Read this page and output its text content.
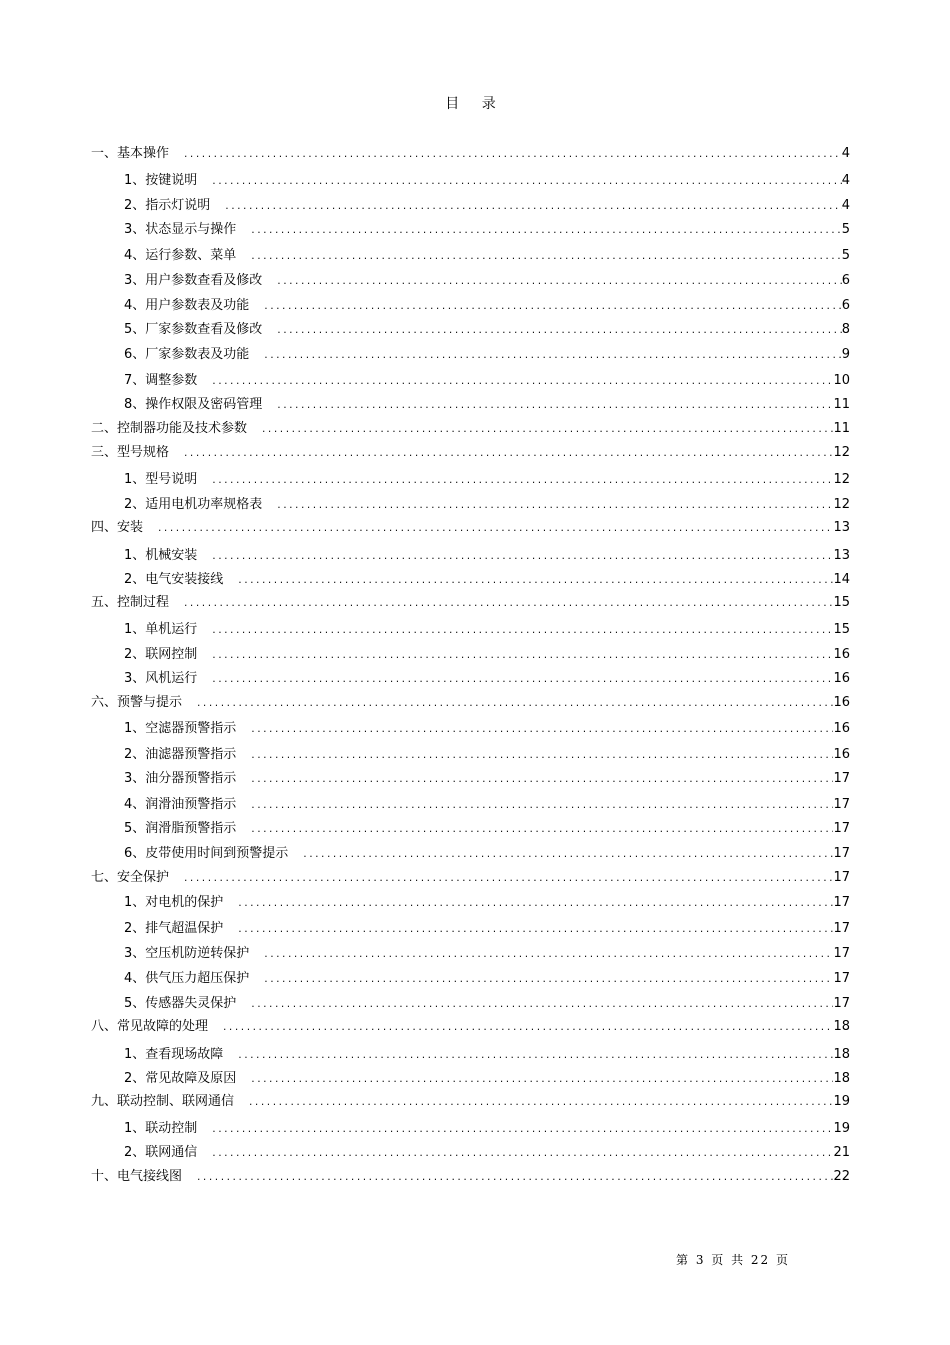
目 录
一、基本操作 .....	4
1、按键说明 .....	4
2、指示灯说明 .....	4
3、状态显示与操作 .....	5
4、运行参数、菜单 .....	5
3、用户参数查看及修改 .....	6
4、用户参数表及功能 .....	6
5、厂家参数查看及修改 .....	8
6、厂家参数表及功能 .....	9
7、调整参数 .....	10
8、操作权限及密码管理 .....	11
二、控制器功能及技术参数 .....	11
三、型号规格 .....	12
1、型号说明 .....	12
2、适用电机功率规格表 .....	12
四、安装 .....	13
1、机械安装 .....	13
2、电气安装接线 .....	14
五、控制过程 .....	15
1、单机运行 .....	15
2、联网控制 .....	16
3、风机运行 .....	16
六、预警与提示 .....	16
1、空滤器预警指示 .....	16
2、油滤器预警指示 .....	16
3、油分器预警指示 .....	17
4、润滑油预警指示 .....	17
5、润滑脂预警指示 .....	17
6、皮带使用时间到预警提示 .....	17
七、安全保护 .....	17
1、对电机的保护 .....	17
2、排气超温保护 .....	17
3、空压机防逆转保护 .....	17
4、供气压力超压保护 .....	17
5、传感器失灵保护 .....	17
八、常见故障的处理 .....	18
1、查看现场故障 .....	18
2、常见故障及原因 .....	18
九、联动控制、联网通信 .....	19
1、联动控制 .....	19
2、联网通信 .....	21
十、电气接线图 .....	22
第 3 页 共 22 页
